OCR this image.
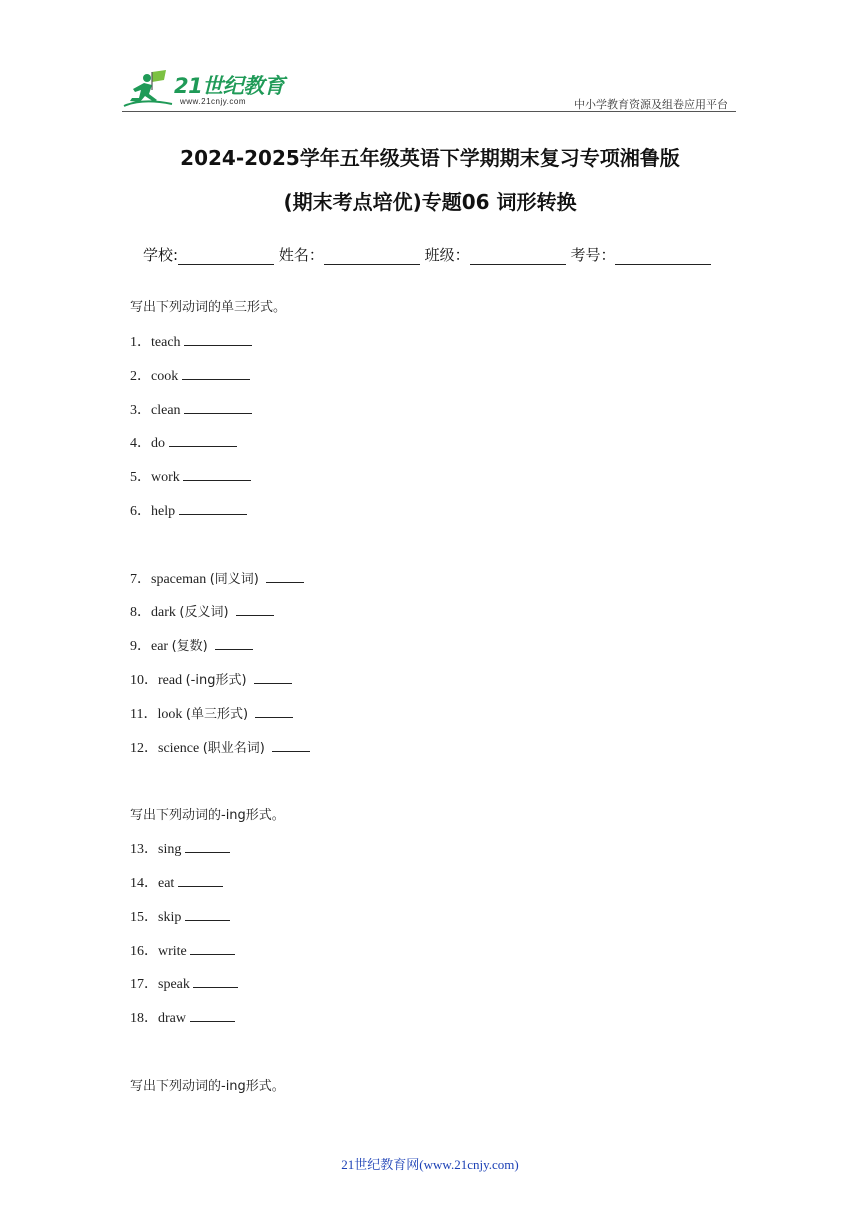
21世纪教育
www.21cnjy.com	中小学教育资源及组卷应用平台
2024-2025学年五年级英语下学期期末复习专项湘鲁版
(期末考点培优)专题06 词形转换
学校:	姓名：	班级：	考号：
写出下列动词的单三形式。
1．teach
2．cook
3．clean
4．do
5．work
6．help
7．spaceman (同义词)
8．dark (反义词)
9．ear (复数)
10．read (-ing形式)
11．look (单三形式)
12．science (职业名词)
写出下列动词的-ing形式。
13．sing
14．eat
15．skip
16．write
17．speak
18．draw
写出下列动词的-ing形式。
21世纪教育网(www.21cnjy.com)
